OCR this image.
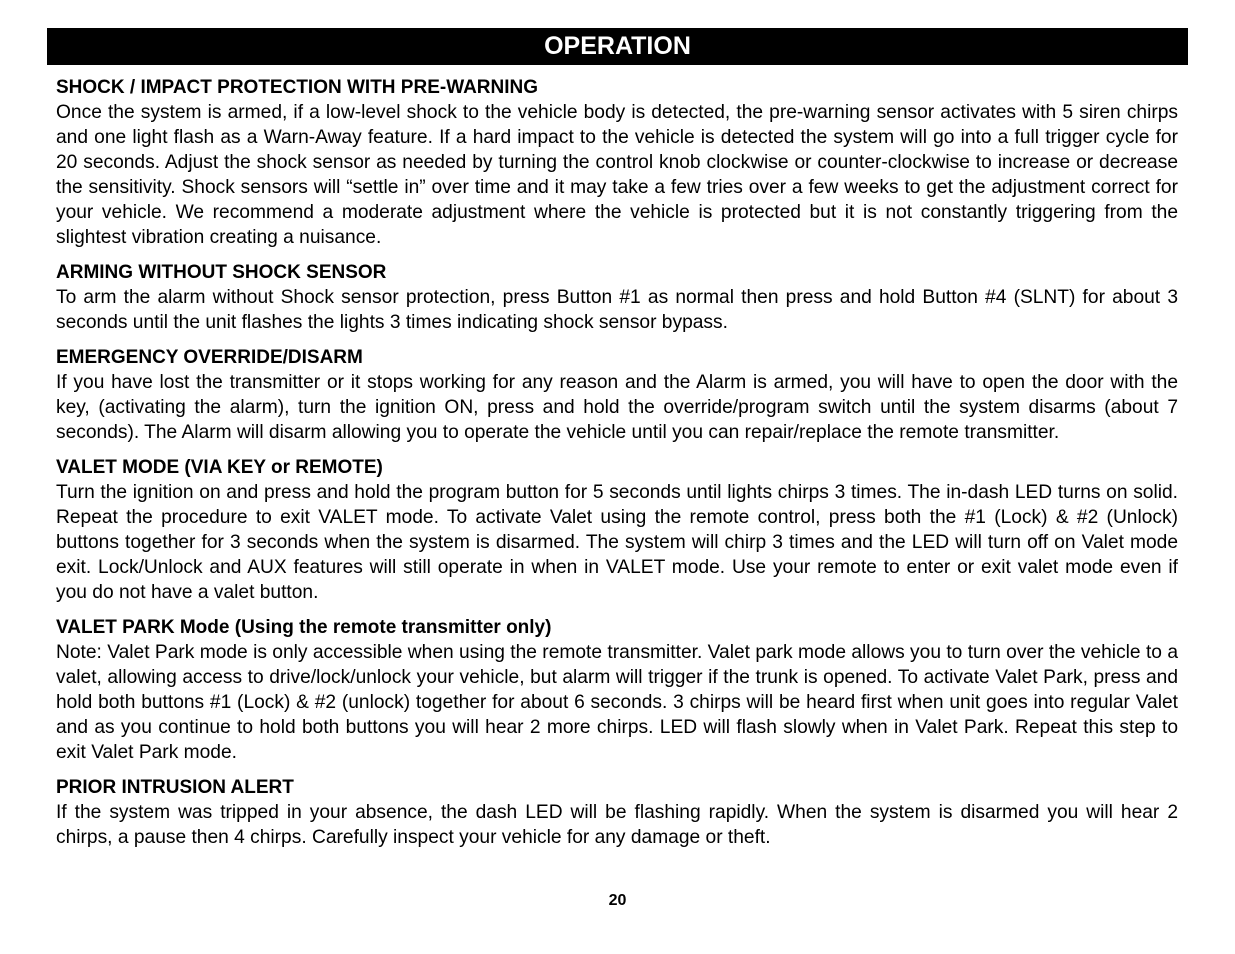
OPERATION

SHOCK / IMPACT PROTECTION WITH PRE-WARNING

Once the system is armed, if a low-level shock to the vehicle body is detected, the pre-warning sensor activates with 5 siren chirps and one light flash as a Warn-Away feature. If a hard impact to the vehicle is detected the system will go into a full trigger cycle for 20 seconds. Adjust the shock sensor as needed by turning the control knob clockwise or counter-clockwise to increase or decrease the sensitivity. Shock sensors will “settle in” over time and it may take a few tries over a few weeks to get the adjustment correct for your vehicle. We recommend a moderate adjustment where the vehicle is protected but it is not constantly triggering from the slightest vibration creating a nuisance.

ARMING WITHOUT SHOCK SENSOR

To arm the alarm without Shock sensor protection, press Button #1 as normal then press and hold Button #4 (SLNT) for about 3 seconds until the unit flashes the lights 3 times indicating shock sensor bypass.

EMERGENCY OVERRIDE/DISARM

If you have lost the transmitter or it stops working for any reason and the Alarm is armed, you will have to open the door with the key, (activating the alarm), turn the ignition ON, press and hold the override/program switch until the system disarms (about 7 seconds). The Alarm will disarm allowing you to operate the vehicle until you can repair/replace the remote transmitter.

VALET MODE (VIA KEY or REMOTE)

Turn the ignition on and press and hold the program button for 5 seconds until lights chirps 3 times. The in-dash LED turns on solid. Repeat the procedure to exit VALET mode. To activate Valet using the remote control, press both the #1 (Lock) & #2 (Unlock) buttons together for 3 seconds when the system is disarmed. The system will chirp 3 times and the LED will turn off on Valet mode exit. Lock/Unlock and AUX features will still operate in when in VALET mode. Use your remote to enter or exit valet mode even if you do not have a valet button.

VALET PARK Mode (Using the remote transmitter only)

Note: Valet Park mode is only accessible when using the remote transmitter. Valet park mode allows you to turn over the vehicle to a valet, allowing access to drive/lock/unlock your vehicle, but alarm will trigger if the trunk is opened. To activate Valet Park, press and hold both buttons #1 (Lock) & #2 (unlock) together for about 6 seconds. 3 chirps will be heard first when unit goes into regular Valet and as you continue to hold both buttons you will hear 2 more chirps. LED will flash slowly when in Valet Park. Repeat this step to exit Valet Park mode.

PRIOR INTRUSION ALERT

If the system was tripped in your absence, the dash LED will be flashing rapidly. When the system is disarmed you will hear 2 chirps, a pause then 4 chirps. Carefully inspect your vehicle for any damage or theft.

20
